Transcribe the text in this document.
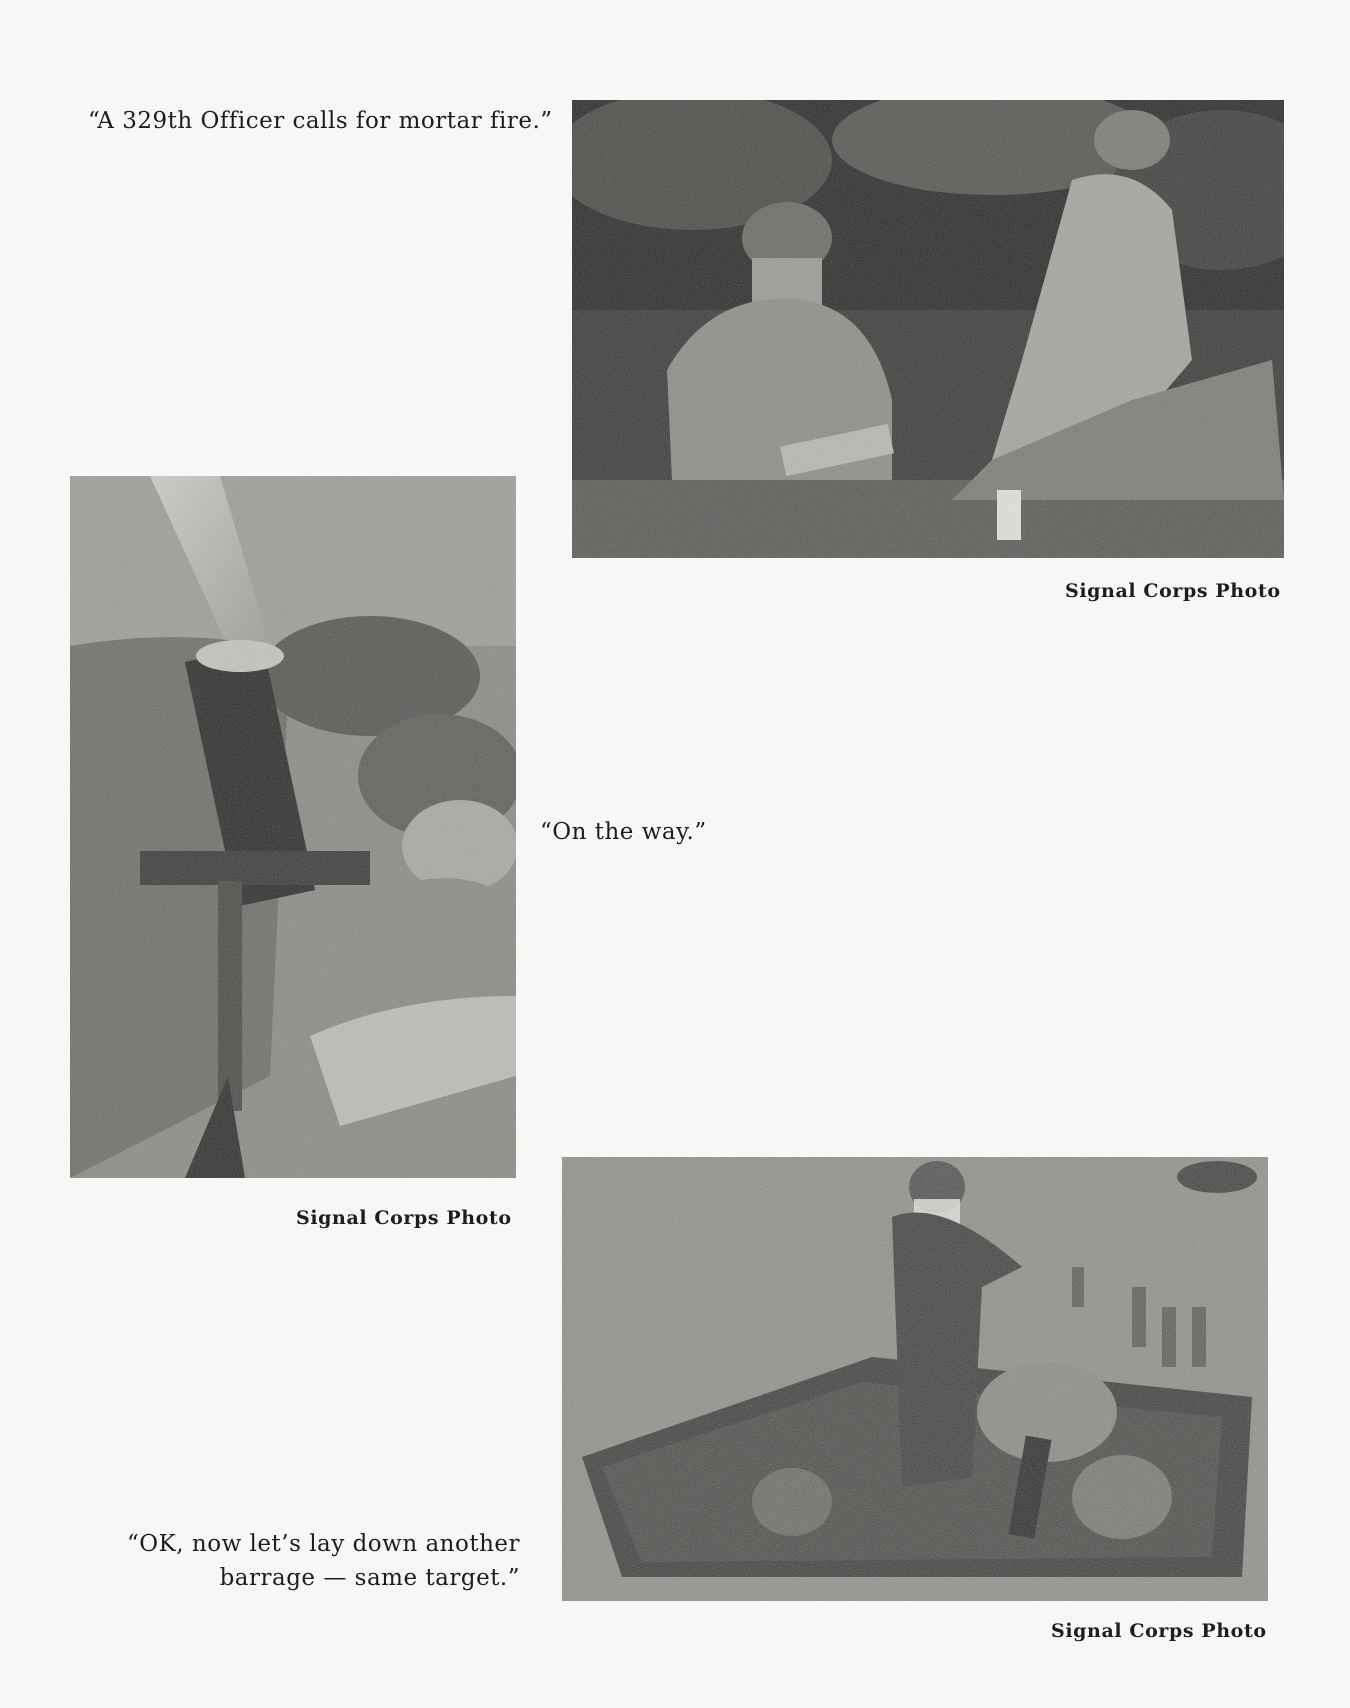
“A 329th Officer calls for mortar fire.”
Signal Corps Photo
Signal Corps Photo
“On the way.”
“OK, now let’s lay down another
barrage — same target.”
Signal Corps Photo
